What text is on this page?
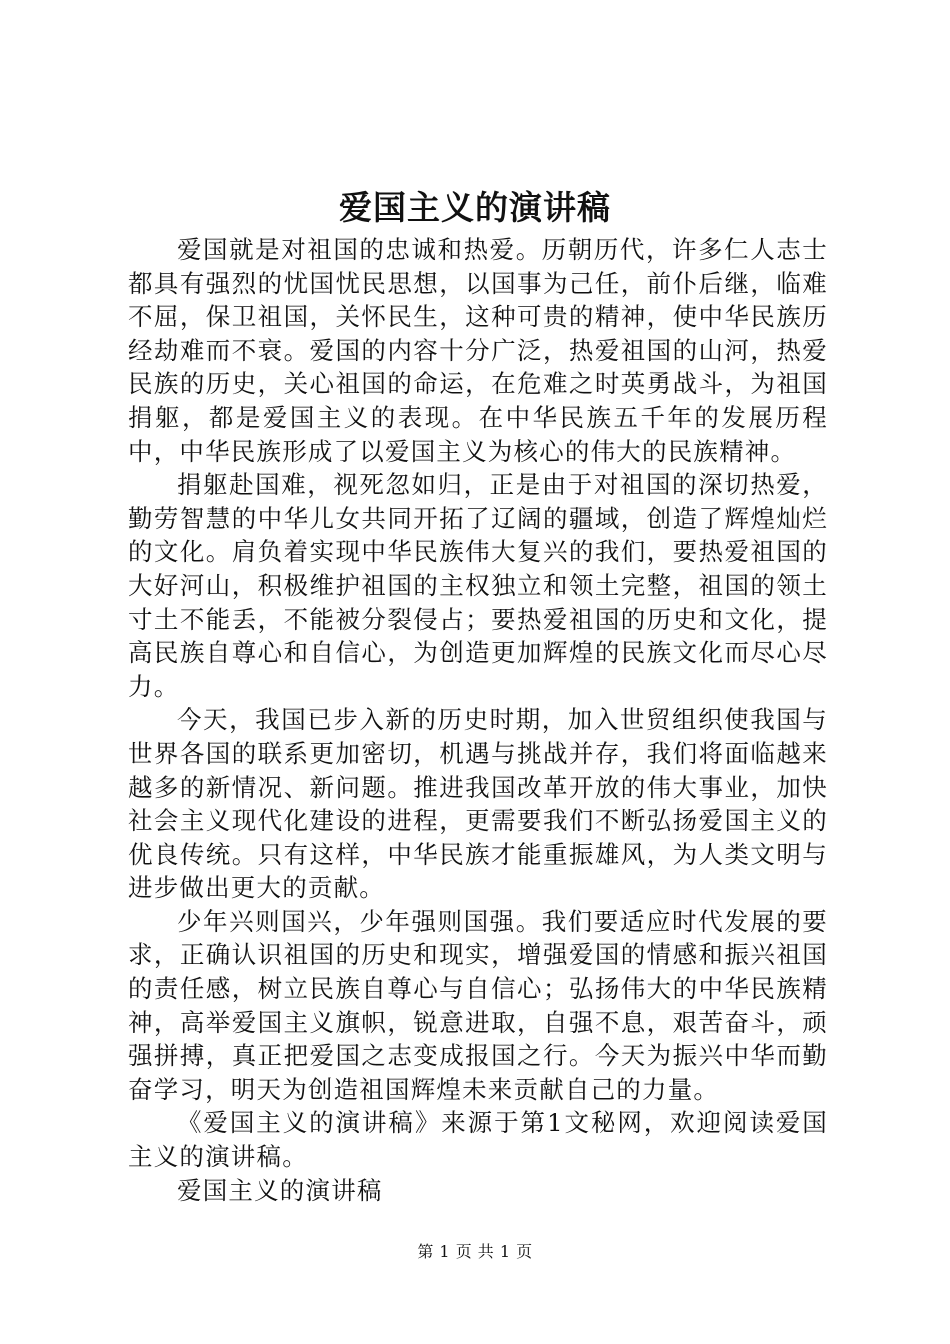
爱国主义的演讲稿

爱国就是对祖国的忠诚和热爱。历朝历代，许多仁人志士都具有强烈的忧国忧民思想，以国事为己任，前仆后继，临难不屈，保卫祖国，关怀民生，这种可贵的精神，使中华民族历经劫难而不衰。爱国的内容十分广泛，热爱祖国的山河，热爱民族的历史，关心祖国的命运，在危难之时英勇战斗，为祖国捐躯，都是爱国主义的表现。在中华民族五千年的发展历程中，中华民族形成了以爱国主义为核心的伟大的民族精神。

捐躯赴国难，视死忽如归，正是由于对祖国的深切热爱，勤劳智慧的中华儿女共同开拓了辽阔的疆域，创造了辉煌灿烂的文化。肩负着实现中华民族伟大复兴的我们，要热爱祖国的大好河山，积极维护祖国的主权独立和领土完整，祖国的领土寸土不能丢，不能被分裂侵占；要热爱祖国的历史和文化，提高民族自尊心和自信心，为创造更加辉煌的民族文化而尽心尽力。

今天，我国已步入新的历史时期，加入世贸组织使我国与世界各国的联系更加密切，机遇与挑战并存，我们将面临越来越多的新情况、新问题。推进我国改革开放的伟大事业，加快社会主义现代化建设的进程，更需要我们不断弘扬爱国主义的优良传统。只有这样，中华民族才能重振雄风，为人类文明与进步做出更大的贡献。

少年兴则国兴，少年强则国强。我们要适应时代发展的要求，正确认识祖国的历史和现实，增强爱国的情感和振兴祖国的责任感，树立民族自尊心与自信心；弘扬伟大的中华民族精神，高举爱国主义旗帜，锐意进取，自强不息，艰苦奋斗，顽强拼搏，真正把爱国之志变成报国之行。今天为振兴中华而勤奋学习，明天为创造祖国辉煌未来贡献自己的力量。

《爱国主义的演讲稿》来源于第1文秘网，欢迎阅读爱国主义的演讲稿。

爱国主义的演讲稿

第 1 页 共 1 页
